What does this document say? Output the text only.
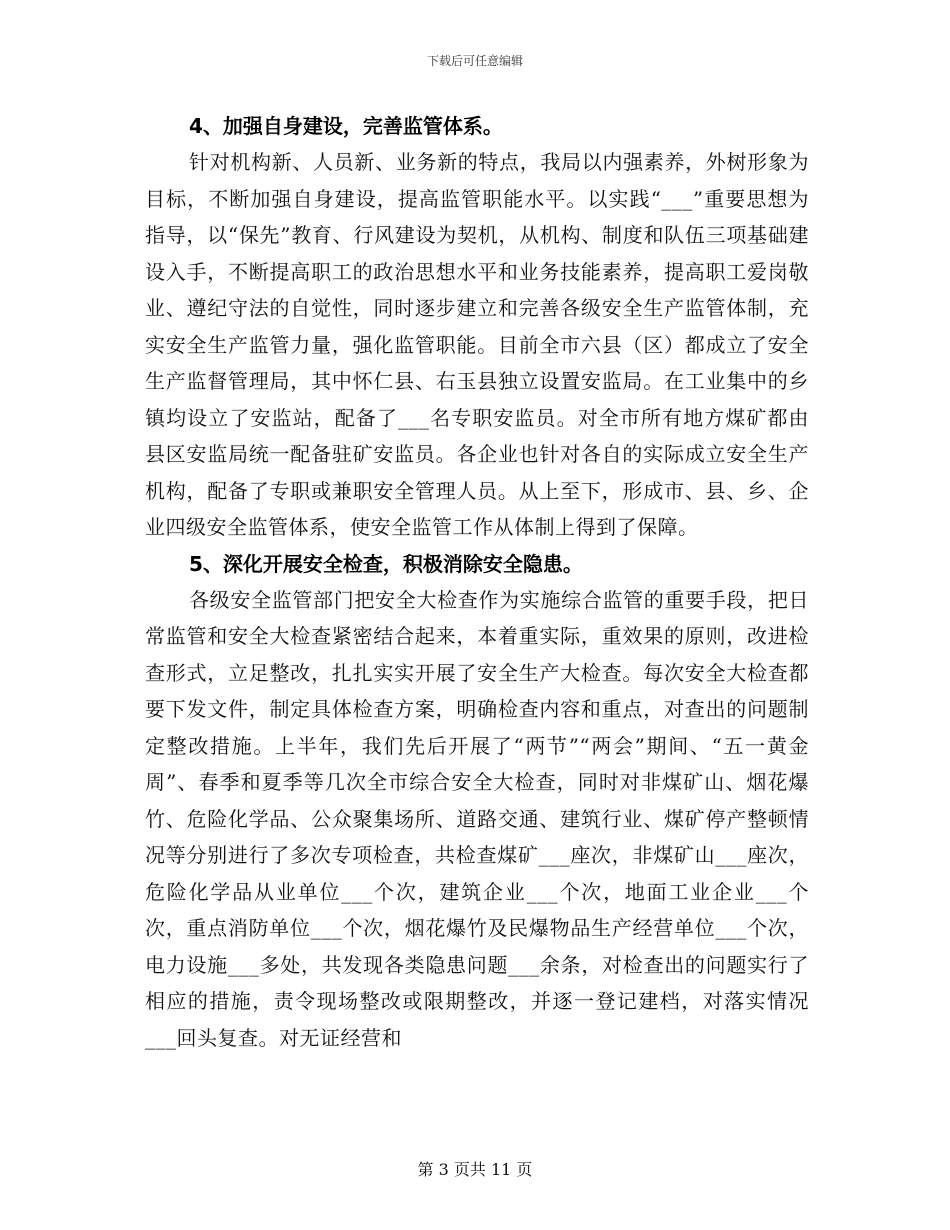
下载后可任意编辑

4、加强自身建设，完善监管体系。

针对机构新、人员新、业务新的特点，我局以内强素养，外树形象为目标，不断加强自身建设，提高监管职能水平。以实践“___”重要思想为指导，以“保先”教育、行风建设为契机，从机构、制度和队伍三项基础建设入手，不断提高职工的政治思想水平和业务技能素养，提高职工爱岗敬业、遵纪守法的自觉性，同时逐步建立和完善各级安全生产监管体制，充实安全生产监管力量，强化监管职能。目前全市六县（区）都成立了安全生产监督管理局，其中怀仁县、右玉县独立设置安监局。在工业集中的乡镇均设立了安监站，配备了___名专职安监员。对全市所有地方煤矿都由县区安监局统一配备驻矿安监员。各企业也针对各自的实际成立安全生产机构，配备了专职或兼职安全管理人员。从上至下，形成市、县、乡、企业四级安全监管体系，使安全监管工作从体制上得到了保障。

5、深化开展安全检查，积极消除安全隐患。

各级安全监管部门把安全大检查作为实施综合监管的重要手段，把日常监管和安全大检查紧密结合起来，本着重实际，重效果的原则，改进检查形式，立足整改，扎扎实实开展了安全生产大检查。每次安全大检查都要下发文件，制定具体检查方案，明确检查内容和重点，对查出的问题制定整改措施。上半年，我们先后开展了“两节”“两会”期间、“五一黄金周”、春季和夏季等几次全市综合安全大检查，同时对非煤矿山、烟花爆竹、危险化学品、公众聚集场所、道路交通、建筑行业、煤矿停产整顿情况等分别进行了多次专项检查，共检查煤矿___座次，非煤矿山___座次，危险化学品从业单位___个次，建筑企业___个次，地面工业企业___个次，重点消防单位___个次，烟花爆竹及民爆物品生产经营单位___个次，电力设施___多处，共发现各类隐患问题___余条，对检查出的问题实行了相应的措施，责令现场整改或限期整改，并逐一登记建档，对落实情况___回头复查。对无证经营和

第 3 页共 11 页
